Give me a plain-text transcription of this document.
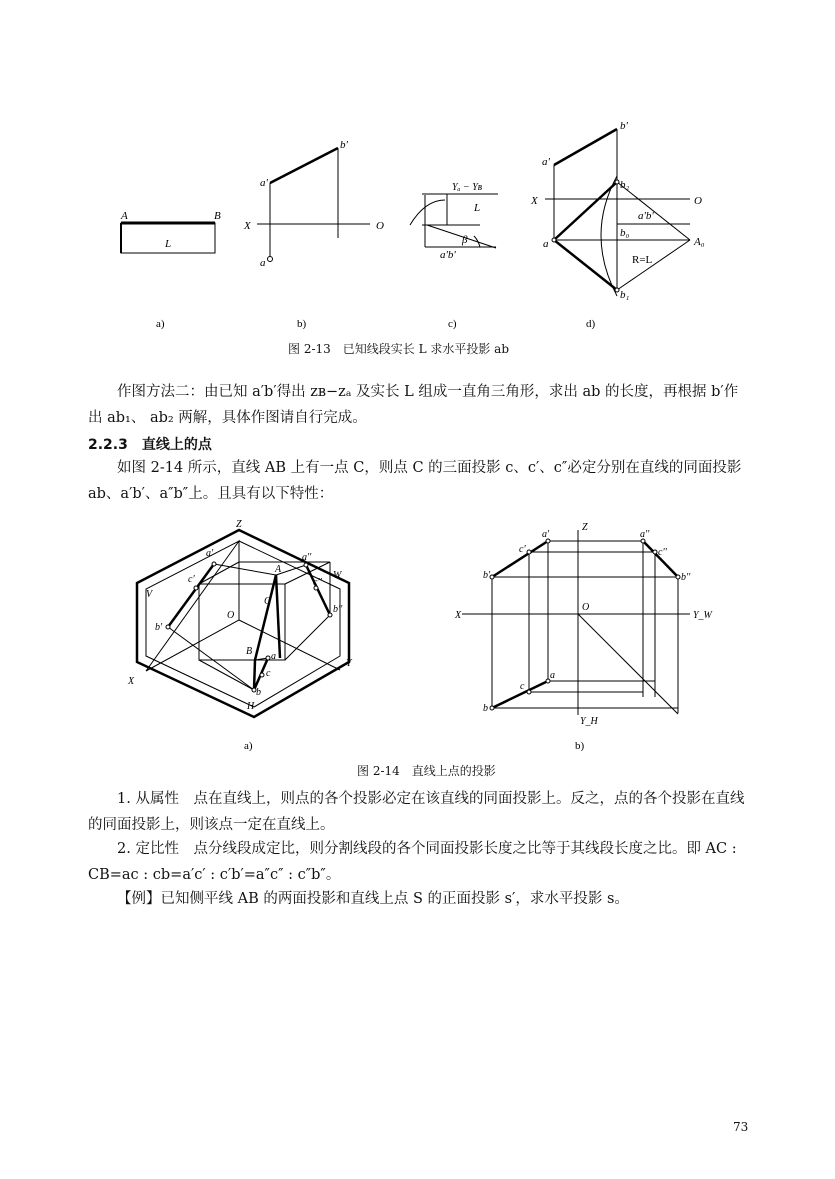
A	B
L
b'
a'
X	O
a
Yₐ − Yʙ
L
β
a'b'
b'
a'
X	O
b₂
a'b'
b₀
A₀
a
R=L
b₁
a)	b)	c)	d)
图 2-13　已知线段实长 L 求水平投影 ab
作图方法二：由已知 a′b′得出 zʙ−zₐ 及实长 L 组成一直角三角形，求出 ab 的长度，再根据 b′作出 ab₁、 ab₂ 两解，具体作图请自行完成。
2.2.3　直线上的点
如图 2-14 所示，直线 AB 上有一点 C，则点 C 的三面投影 c、c′、c″必定分别在直线的同面投影 ab、a′b′、a″b″上。且具有以下特性：
Z
a'
c'
A
a''
c''
W
V
C
O
b'
b''
B a
c
Y
X
b
H
a'
Z
a''
c'	c''
b'	b''
X
O
Y_W
c
a
b
Y_H
a)	b)
图 2-14　直线上点的投影
1. 从属性　点在直线上，则点的各个投影必定在该直线的同面投影上。反之，点的各个投影在直线的同面投影上，则该点一定在直线上。
2. 定比性　点分线段成定比，则分割线段的各个同面投影长度之比等于其线段长度之比。即 AC : CB=ac : cb=a′c′ : c′b′=a″c″ : c″b″。
【例】已知侧平线 AB 的两面投影和直线上点 S 的正面投影 s′，求水平投影 s。
73
